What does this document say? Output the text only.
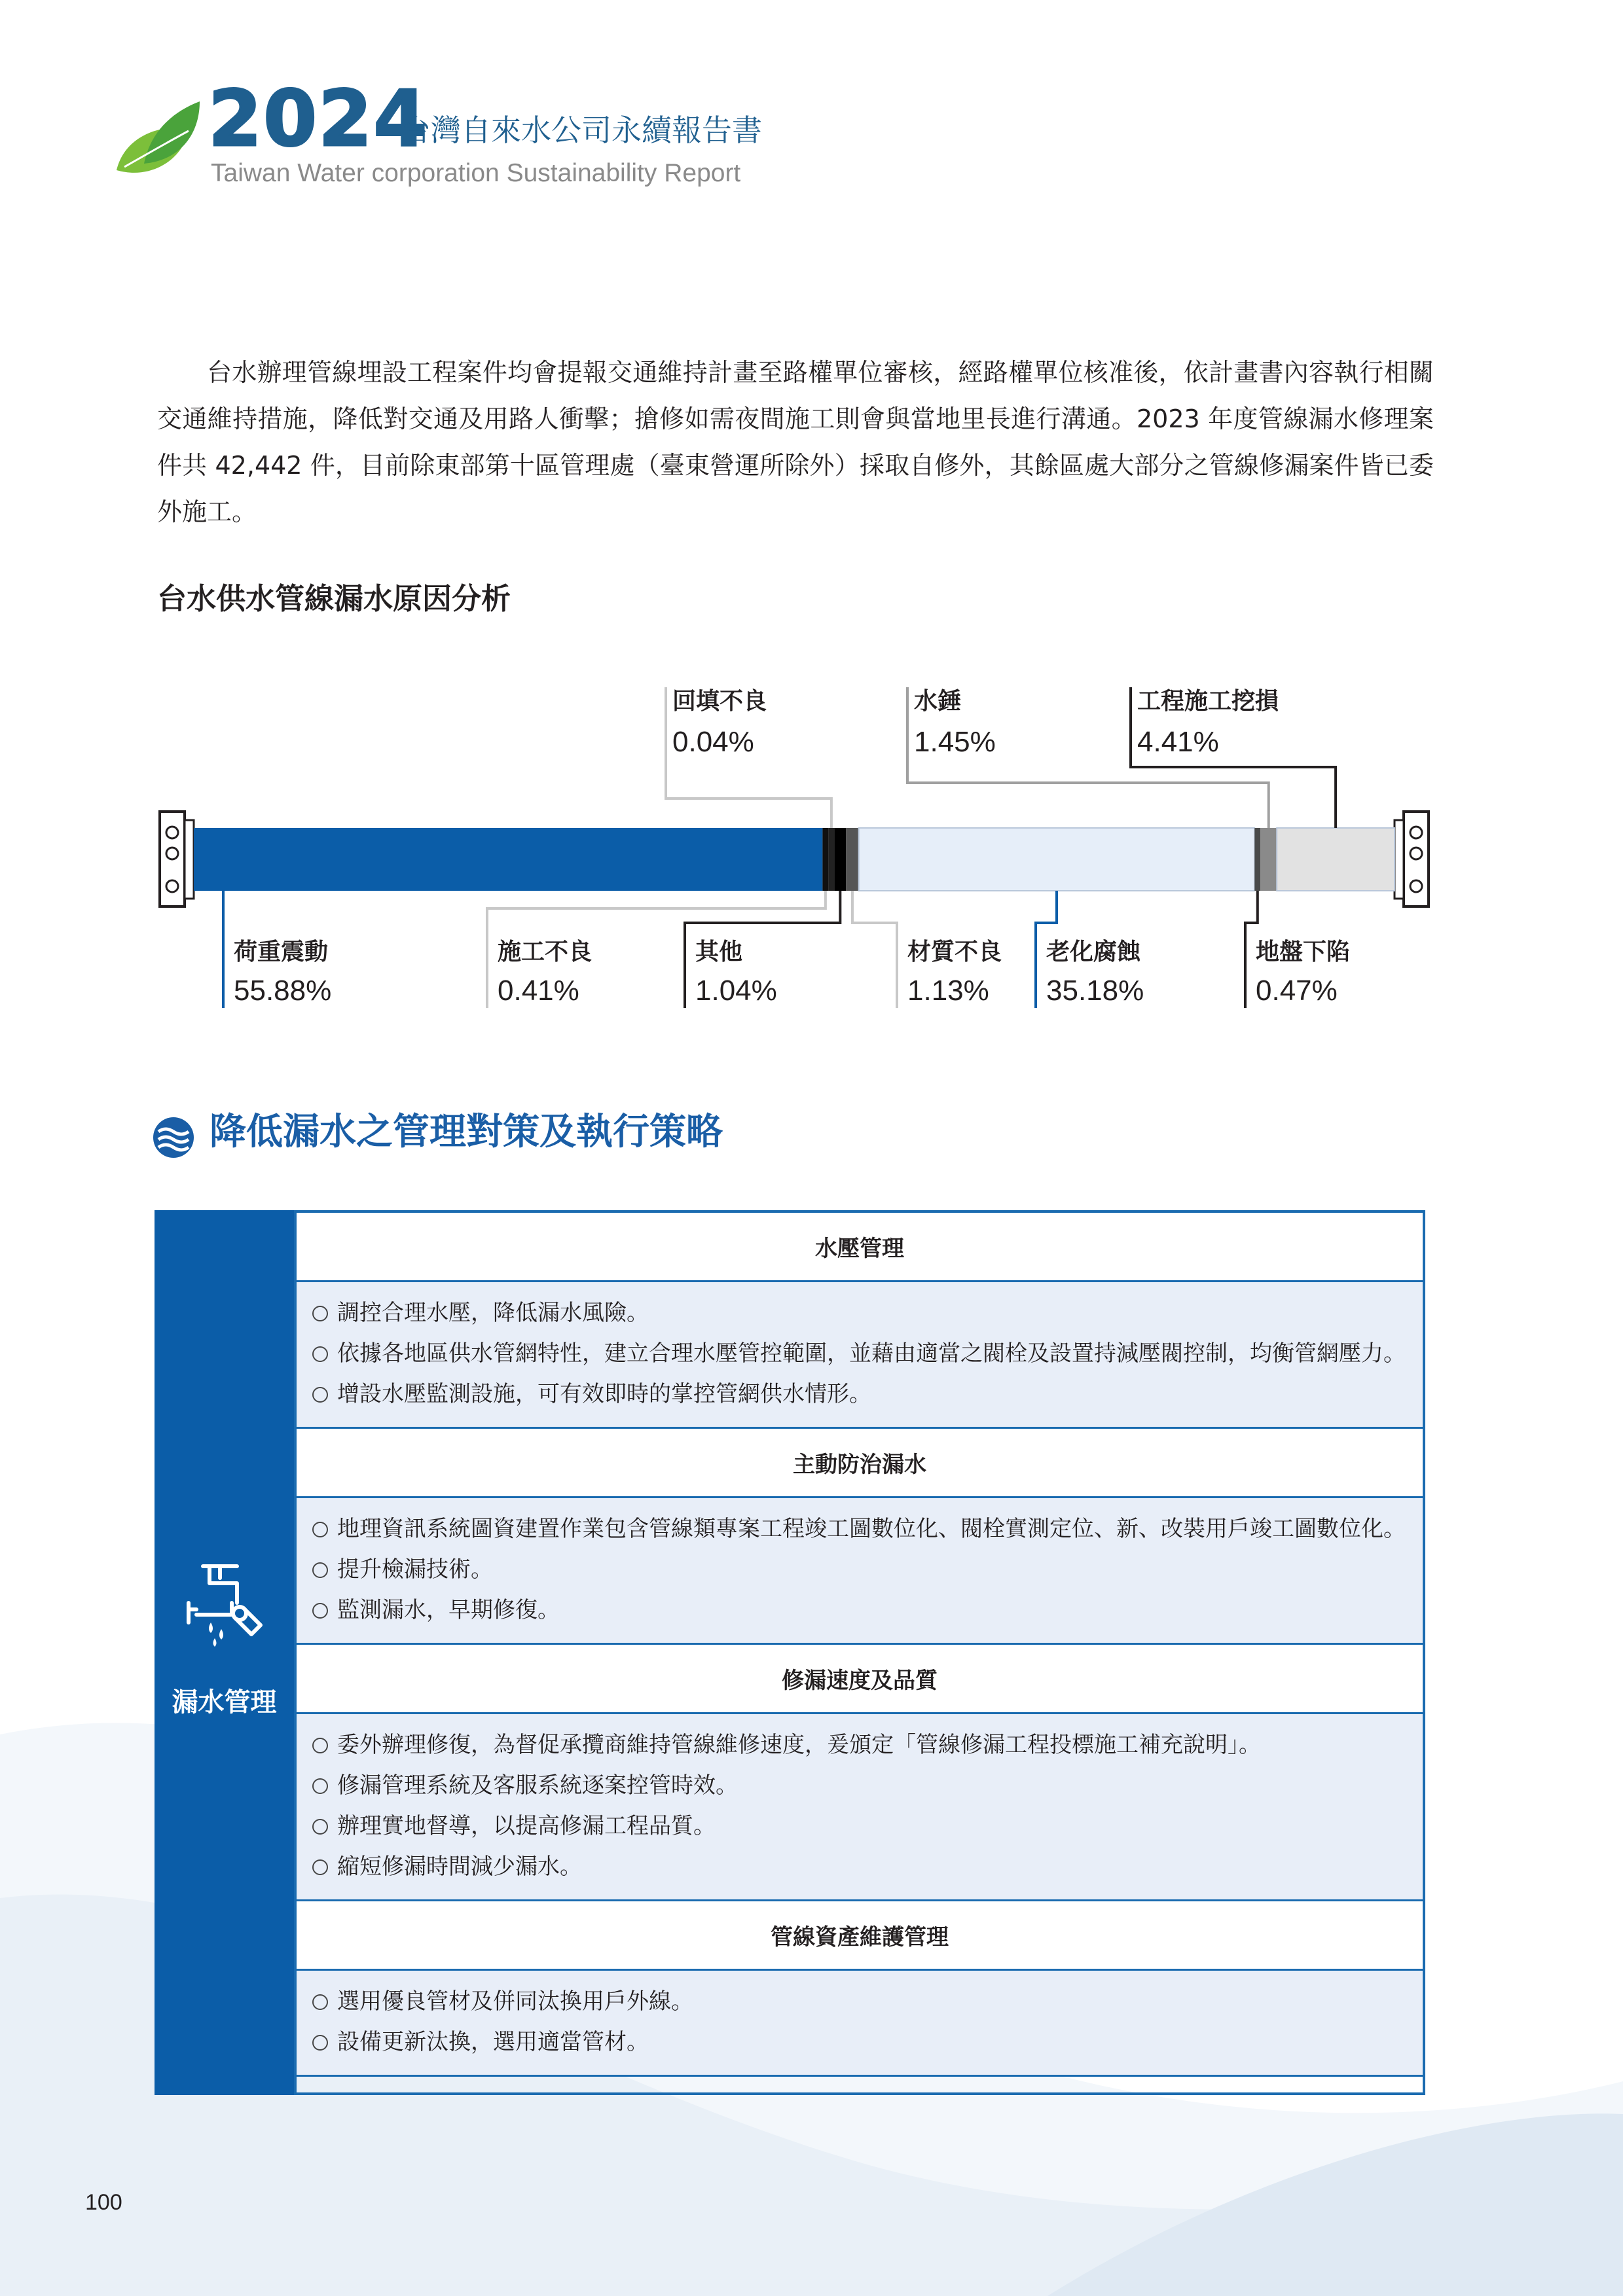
2024
台灣自來水公司永續報告書
Taiwan Water corporation Sustainability Report
台水辦理管線埋設工程案件均會提報交通維持計畫至路權單位審核，經路權單位核准後，依計畫書內容執行相關交通維持措施，降低對交通及用路人衝擊；搶修如需夜間施工則會與當地里長進行溝通。2023 年度管線漏水修理案件共 42,442 件，目前除東部第十區管理處（臺東營運所除外）採取自修外，其餘區處大部分之管線修漏案件皆已委外施工。
台水供水管線漏水原因分析
荷重震動
55.88%
施工不良
0.41%
回填不良
0.04%
其他
1.04%
材質不良
1.13%
老化腐蝕
35.18%
地盤下陷
0.47%
水錘
1.45%
工程施工挖損
4.41%
降低漏水之管理對策及執行策略
漏水管理
水壓管理
調控合理水壓，降低漏水風險。
依據各地區供水管網特性，建立合理水壓管控範圍，並藉由適當之閥栓及設置持減壓閥控制，均衡管網壓力。
增設水壓監測設施，可有效即時的掌控管網供水情形。
主動防治漏水
地理資訊系統圖資建置作業包含管線類專案工程竣工圖數位化、閥栓實測定位、新、改裝用戶竣工圖數位化。
提升檢漏技術。
監測漏水，早期修復。
修漏速度及品質
委外辦理修復，為督促承攬商維持管線維修速度，爰頒定「管線修漏工程投標施工補充說明」。
修漏管理系統及客服系統逐案控管時效。
辦理實地督導，以提高修漏工程品質。
縮短修漏時間減少漏水。
管線資產維護管理
選用優良管材及併同汰換用戶外線。
設備更新汰換，選用適當管材。
100
